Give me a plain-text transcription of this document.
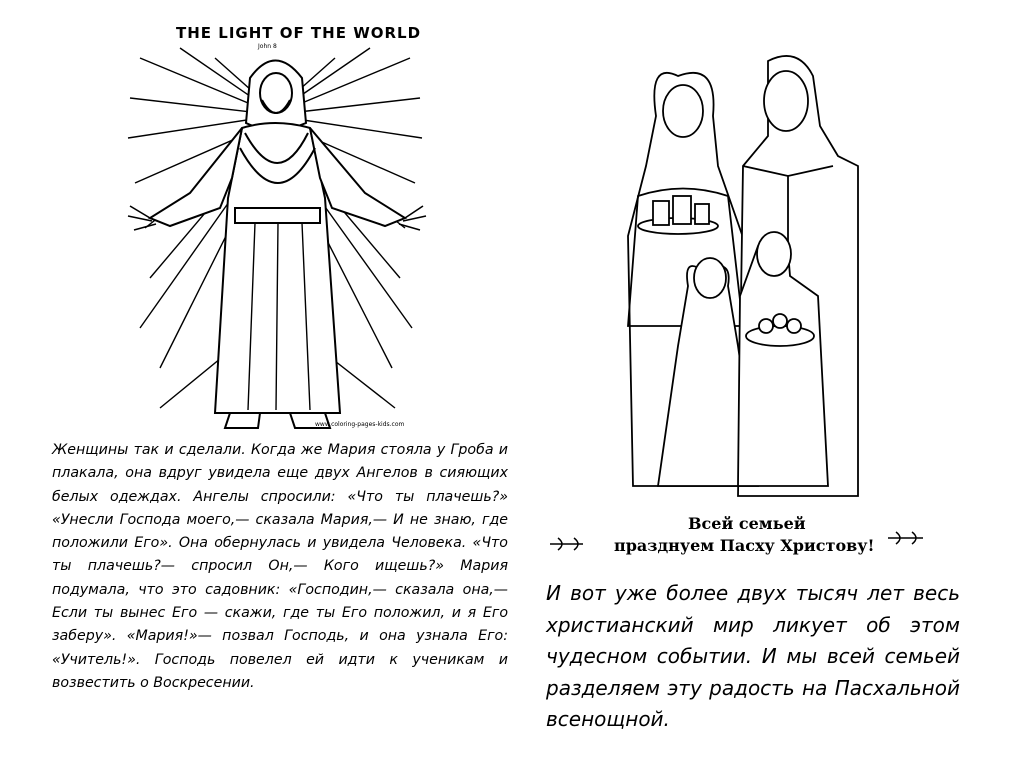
THE LIGHT OF THE WORLD
John 8
www.coloring-pages-kids.com
Всей семьей
празднуем Пасху Христову!

Женщины так и сделали. Когда же Мария стояла у Гроба и плакала, она вдруг увидела еще двух Ангелов в сияющих белых одеждах. Ангелы спросили: «Что ты плачешь?» «Унесли Господа моего,— сказала Мария,— И не знаю, где положили Его». Она обернулась и увидела Человека. «Что ты плачешь?— спросил Он,— Кого ищешь?» Мария подумала, что это садовник: «Господин,— сказала она,— Если ты вынес Его — скажи, где ты Его положил, и я Его заберу». «Мария!»— позвал Господь, и она узнала Его: «Учитель!». Господь повелел ей идти к ученикам и возвестить о Воскресении.

И вот уже более двух тысяч лет весь христианский мир ликует об этом чудесном событии. И мы всей семьей разделяем эту радость на Пасхальной всенощной.
